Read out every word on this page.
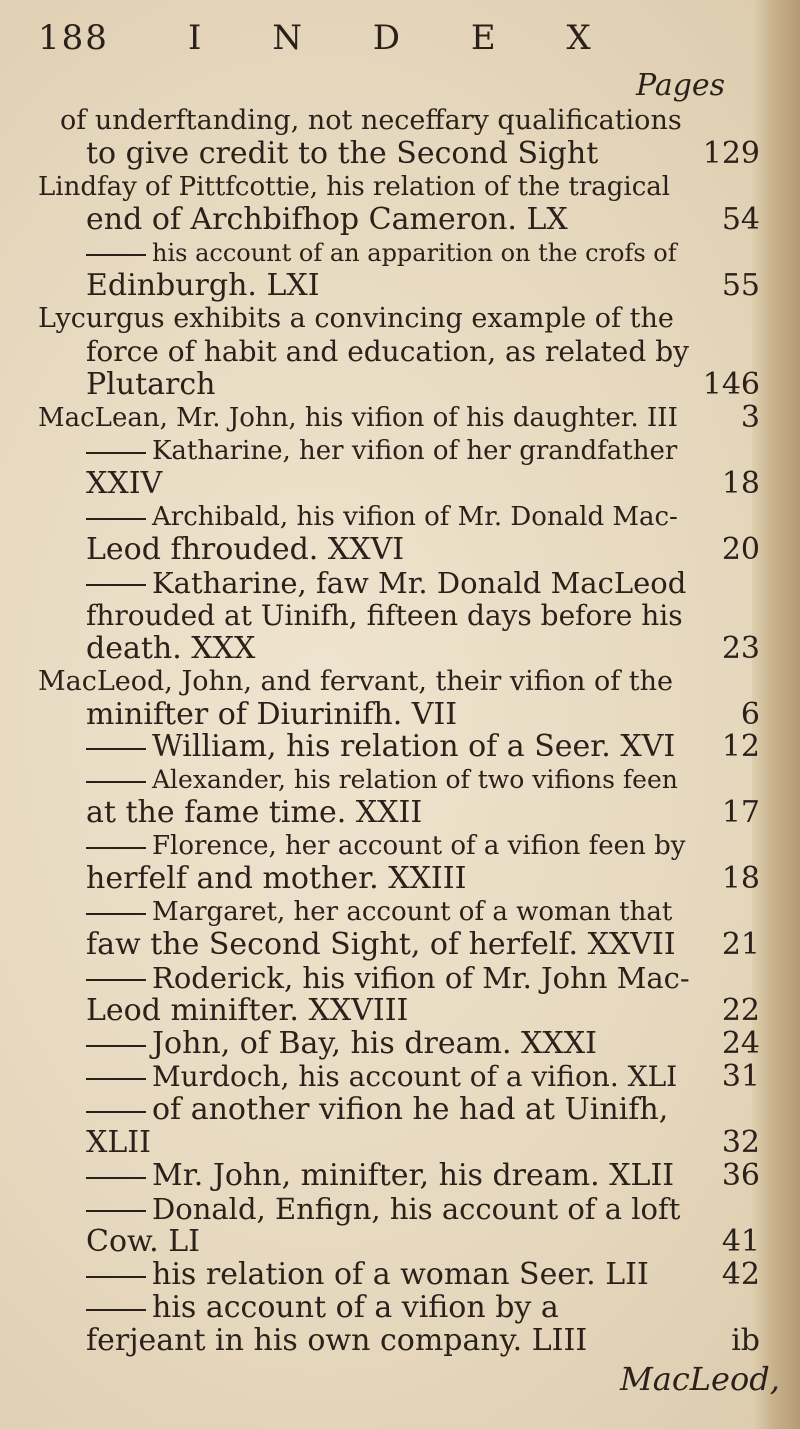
188 I N D E X
Pages
of underftanding, not neceffary qualifications
to give credit to the Second Sight	129
Lindfay of Pittfcottie, his relation of the tragical
end of Archbifhop Cameron. LX	54
his account of an apparition on the crofs of
Edinburgh. LXI	55
Lycurgus exhibits a convincing example of the
force of habit and education, as related by
Plutarch	146
MacLean, Mr. John, his vifion of his daughter. III	3
Katharine, her vifion of her grandfather
XXIV	18
Archibald, his vifion of Mr. Donald Mac-
Leod fhrouded. XXVI	20
Katharine, faw Mr. Donald MacLeod
fhrouded at Uinifh, fifteen days before his
death. XXX	23
MacLeod, John, and fervant, their vifion of the
minifter of Diurinifh. VII	6
William, his relation of a Seer. XVI	12
Alexander, his relation of two vifions feen
at the fame time. XXII	17
Florence, her account of a vifion feen by
herfelf and mother. XXIII	18
Margaret, her account of a woman that
faw the Second Sight, of herfelf. XXVII	21
Roderick, his vifion of Mr. John Mac-
Leod minifter. XXVIII	22
John, of Bay, his dream. XXXI	24
Murdoch, his account of a vifion. XLI	31
of another vifion he had at Uinifh,
XLII	32
Mr. John, minifter, his dream. XLII	36
Donald, Enfign, his account of a loft
Cow. LI	41
his relation of a woman Seer. LII	42
his account of a vifion by a
ferjeant in his own company. LIII	ib
MacLeod,
